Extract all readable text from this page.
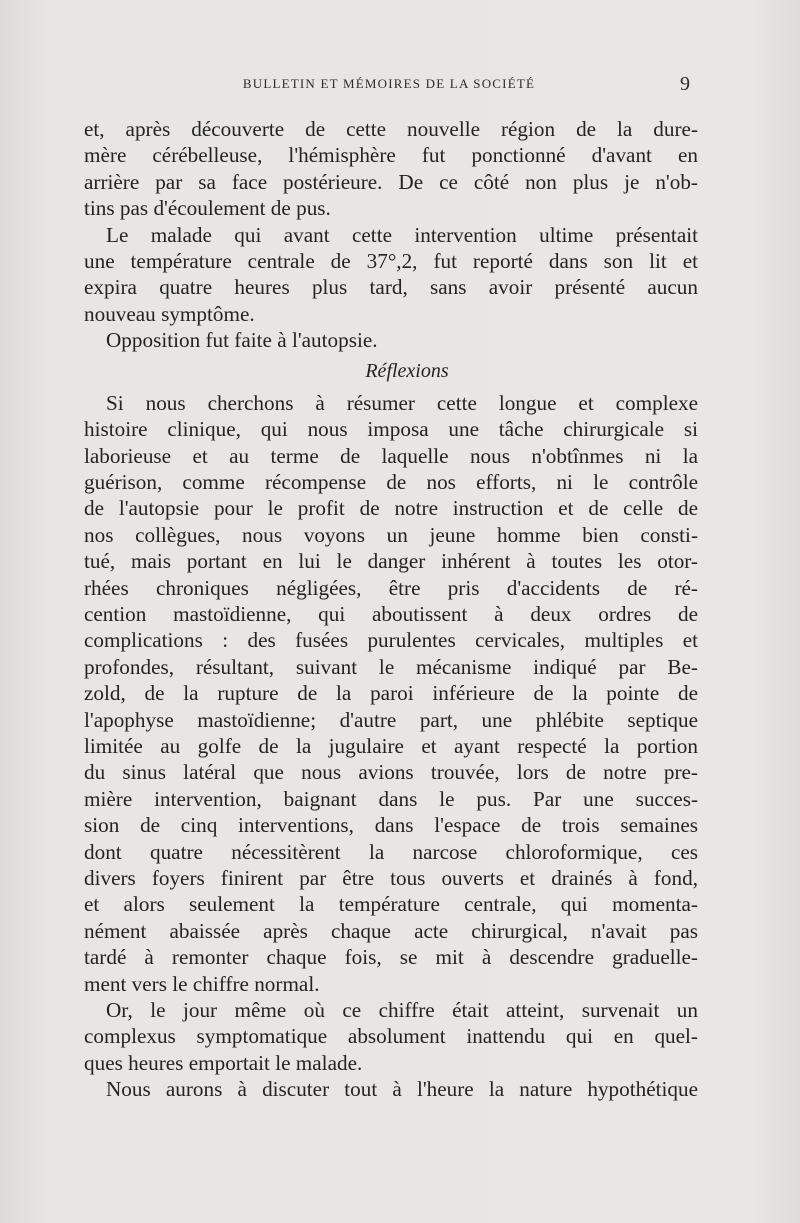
BULLETIN ET MÉMOIRES DE LA SOCIÉTÉ	9
et, après découverte de cette nouvelle région de la dure-
mère cérébelleuse, l'hémisphère fut ponctionné d'avant en
arrière par sa face postérieure. De ce côté non plus je n'ob-
tins pas d'écoulement de pus.
Le malade qui avant cette intervention ultime présentait
une température centrale de 37°,2, fut reporté dans son lit et
expira quatre heures plus tard, sans avoir présenté aucun
nouveau symptôme.
Opposition fut faite à l'autopsie.
Réflexions
Si nous cherchons à résumer cette longue et complexe
histoire clinique, qui nous imposa une tâche chirurgicale si
laborieuse et au terme de laquelle nous n'obtînmes ni la
guérison, comme récompense de nos efforts, ni le contrôle
de l'autopsie pour le profit de notre instruction et de celle de
nos collègues, nous voyons un jeune homme bien consti-
tué, mais portant en lui le danger inhérent à toutes les otor-
rhées chroniques négligées, être pris d'accidents de ré-
cention mastoïdienne, qui aboutissent à deux ordres de
complications : des fusées purulentes cervicales, multiples et
profondes, résultant, suivant le mécanisme indiqué par Be-
zold, de la rupture de la paroi inférieure de la pointe de
l'apophyse mastoïdienne; d'autre part, une phlébite septique
limitée au golfe de la jugulaire et ayant respecté la portion
du sinus latéral que nous avions trouvée, lors de notre pre-
mière intervention, baignant dans le pus. Par une succes-
sion de cinq interventions, dans l'espace de trois semaines
dont quatre nécessitèrent la narcose chloroformique, ces
divers foyers finirent par être tous ouverts et drainés à fond,
et alors seulement la température centrale, qui momenta-
nément abaissée après chaque acte chirurgical, n'avait pas
tardé à remonter chaque fois, se mit à descendre graduelle-
ment vers le chiffre normal.
Or, le jour même où ce chiffre était atteint, survenait un
complexus symptomatique absolument inattendu qui en quel-
ques heures emportait le malade.
Nous aurons à discuter tout à l'heure la nature hypothétique
